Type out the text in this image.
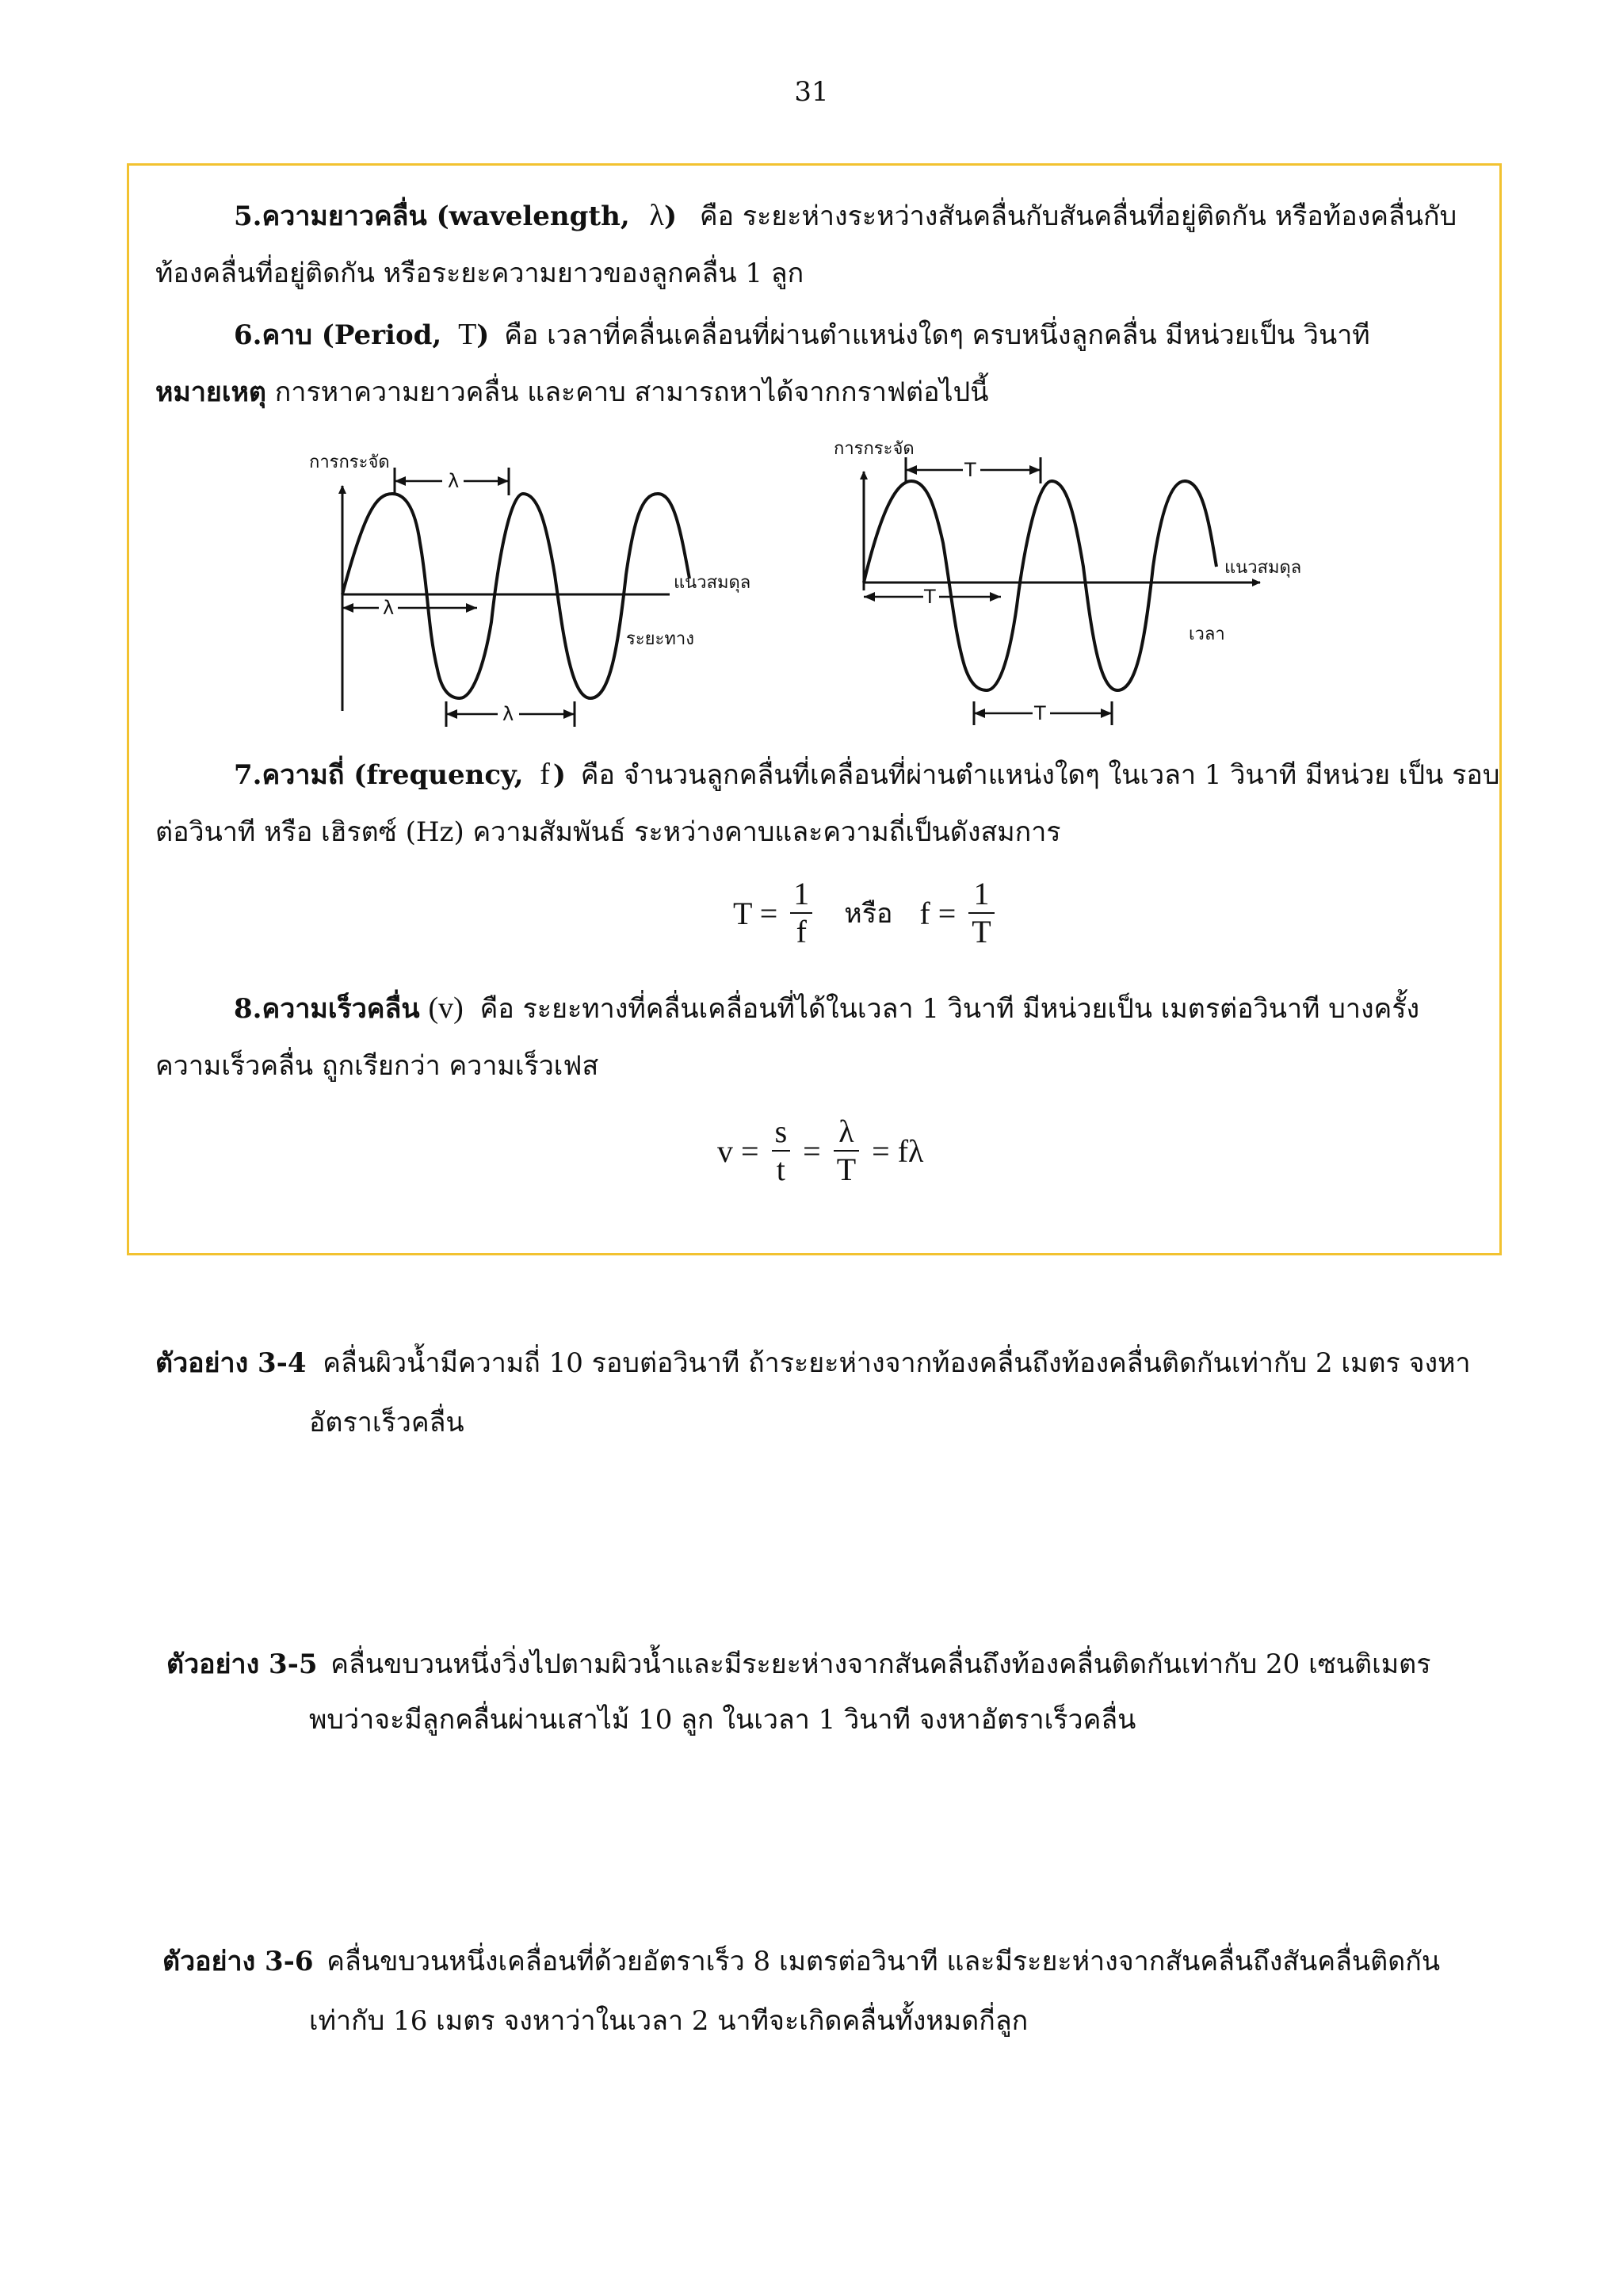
31
5.ความยาวคลื่น (wavelength, λ) คือ ระยะห่างระหว่างสันคลื่นกับสันคลื่นที่อยู่ติดกัน หรือท้องคลื่นกับ
ท้องคลื่นที่อยู่ติดกัน หรือระยะความยาวของลูกคลื่น 1 ลูก
6.คาบ (Period, T) คือ เวลาที่คลื่นเคลื่อนที่ผ่านตำแหน่งใดๆ ครบหนึ่งลูกคลื่น มีหน่วยเป็น วินาที
หมายเหตุ การหาความยาวคลื่น และคาบ สามารถหาได้จากกราฟต่อไปนี้
การกระจัด
แนวสมดุล
ระยะทาง
λ
λ
λ
การกระจัด
แนวสมดุล
เวลา
T
T
T
7.ความถี่ (frequency, f ) คือ จำนวนลูกคลื่นที่เคลื่อนที่ผ่านตำแหน่งใดๆ ในเวลา 1 วินาที มีหน่วย เป็น รอบ
ต่อวินาที หรือ เฮิรตซ์ (Hz) ความสัมพันธ์ ระหว่างคาบและความถี่เป็นดังสมการ
$T = \frac{1}{f}$ หรือ $f = \frac{1}{T}$
8.ความเร็วคลื่น (v) คือ ระยะทางที่คลื่นเคลื่อนที่ได้ในเวลา 1 วินาที มีหน่วยเป็น เมตรต่อวินาที บางครั้ง
ความเร็วคลื่น ถูกเรียกว่า ความเร็วเฟส
$v = \frac{s}{t} = \frac{\lambda}{T} = f\lambda$
ตัวอย่าง 3-4 คลื่นผิวน้ำมีความถี่ 10 รอบต่อวินาที ถ้าระยะห่างจากท้องคลื่นถึงท้องคลื่นติดกันเท่ากับ 2 เมตร จงหา
อัตราเร็วคลื่น
ตัวอย่าง 3-5 คลื่นขบวนหนึ่งวิ่งไปตามผิวน้ำและมีระยะห่างจากสันคลื่นถึงท้องคลื่นติดกันเท่ากับ 20 เซนติเมตร
พบว่าจะมีลูกคลื่นผ่านเสาไม้ 10 ลูก ในเวลา 1 วินาที จงหาอัตราเร็วคลื่น
ตัวอย่าง 3-6 คลื่นขบวนหนึ่งเคลื่อนที่ด้วยอัตราเร็ว 8 เมตรต่อวินาที และมีระยะห่างจากสันคลื่นถึงสันคลื่นติดกัน
เท่ากับ 16 เมตร จงหาว่าในเวลา 2 นาทีจะเกิดคลื่นทั้งหมดกี่ลูก
